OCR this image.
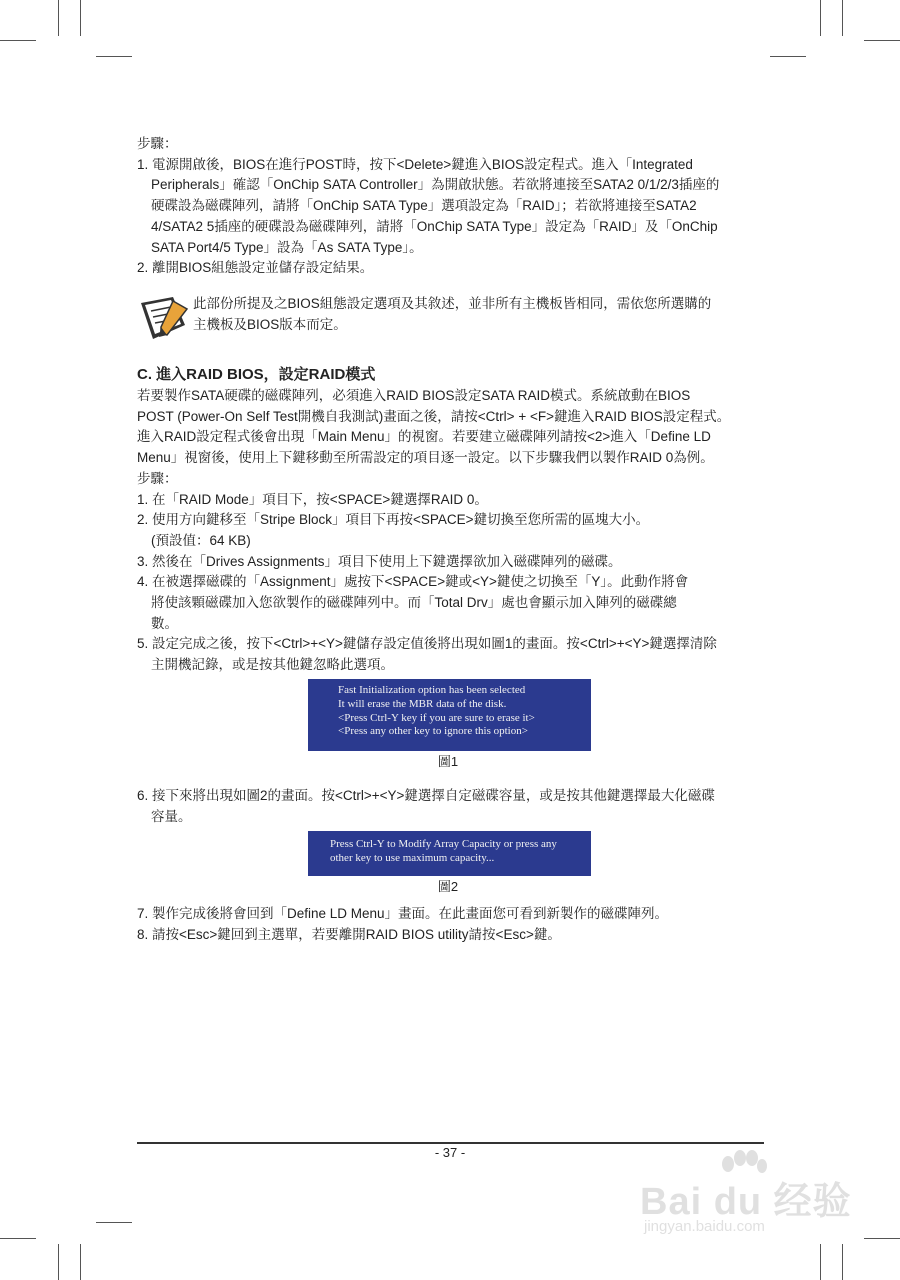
步驟：
1. 電源開啟後，BIOS在進行POST時，按下<Delete>鍵進入BIOS設定程式。進入「Integrated
Peripherals」確認「OnChip SATA Controller」為開啟狀態。若欲將連接至SATA2 0/1/2/3插座的
硬碟設為磁碟陣列，請將「OnChip SATA Type」選項設定為「RAID」；若欲將連接至SATA2
4/SATA2 5插座的硬碟設為磁碟陣列，請將「OnChip SATA Type」設定為「RAID」及「OnChip
SATA Port4/5 Type」設為「As SATA Type」。
2. 離開BIOS組態設定並儲存設定結果。
此部份所提及之BIOS組態設定選項及其敘述，並非所有主機板皆相同，需依您所選購的
主機板及BIOS版本而定。
C. 進入RAID BIOS，設定RAID模式
若要製作SATA硬碟的磁碟陣列，必須進入RAID BIOS設定SATA RAID模式。系統啟動在BIOS
POST (Power-On Self Test開機自我測試)畫面之後，請按<Ctrl> + <F>鍵進入RAID BIOS設定程式。
進入RAID設定程式後會出現「Main Menu」的視窗。若要建立磁碟陣列請按<2>進入「Define LD
Menu」視窗後，使用上下鍵移動至所需設定的項目逐一設定。以下步驟我們以製作RAID 0為例。
步驟：
1. 在「RAID Mode」項目下，按<SPACE>鍵選擇RAID 0。
2. 使用方向鍵移至「Stripe Block」項目下再按<SPACE>鍵切換至您所需的區塊大小。
(預設值：64 KB)
3. 然後在「Drives Assignments」項目下使用上下鍵選擇欲加入磁碟陣列的磁碟。
4. 在被選擇磁碟的「Assignment」處按下<SPACE>鍵或<Y>鍵使之切換至「Y」。此動作將會
將使該顆磁碟加入您欲製作的磁碟陣列中。而「Total Drv」處也會顯示加入陣列的磁碟總
數。
5. 設定完成之後，按下<Ctrl>+<Y>鍵儲存設定值後將出現如圖1的畫面。按<Ctrl>+<Y>鍵選擇清除
主開機記錄，或是按其他鍵忽略此選項。
Fast Initialization option has been selected
It will erase the MBR data of the disk.
<Press Ctrl-Y key if you are sure to erase it>
<Press any other key to ignore this option>
圖1
6. 接下來將出現如圖2的畫面。按<Ctrl>+<Y>鍵選擇自定磁碟容量，或是按其他鍵選擇最大化磁碟
容量。
Press Ctrl-Y to Modify Array Capacity or press any
other key to use maximum capacity...
圖2
7. 製作完成後將會回到「Define LD Menu」畫面。在此畫面您可看到新製作的磁碟陣列。
8. 請按<Esc>鍵回到主選單，若要離開RAID BIOS utility請按<Esc>鍵。
- 37 -
Bai du 经验
jingyan.baidu.com
